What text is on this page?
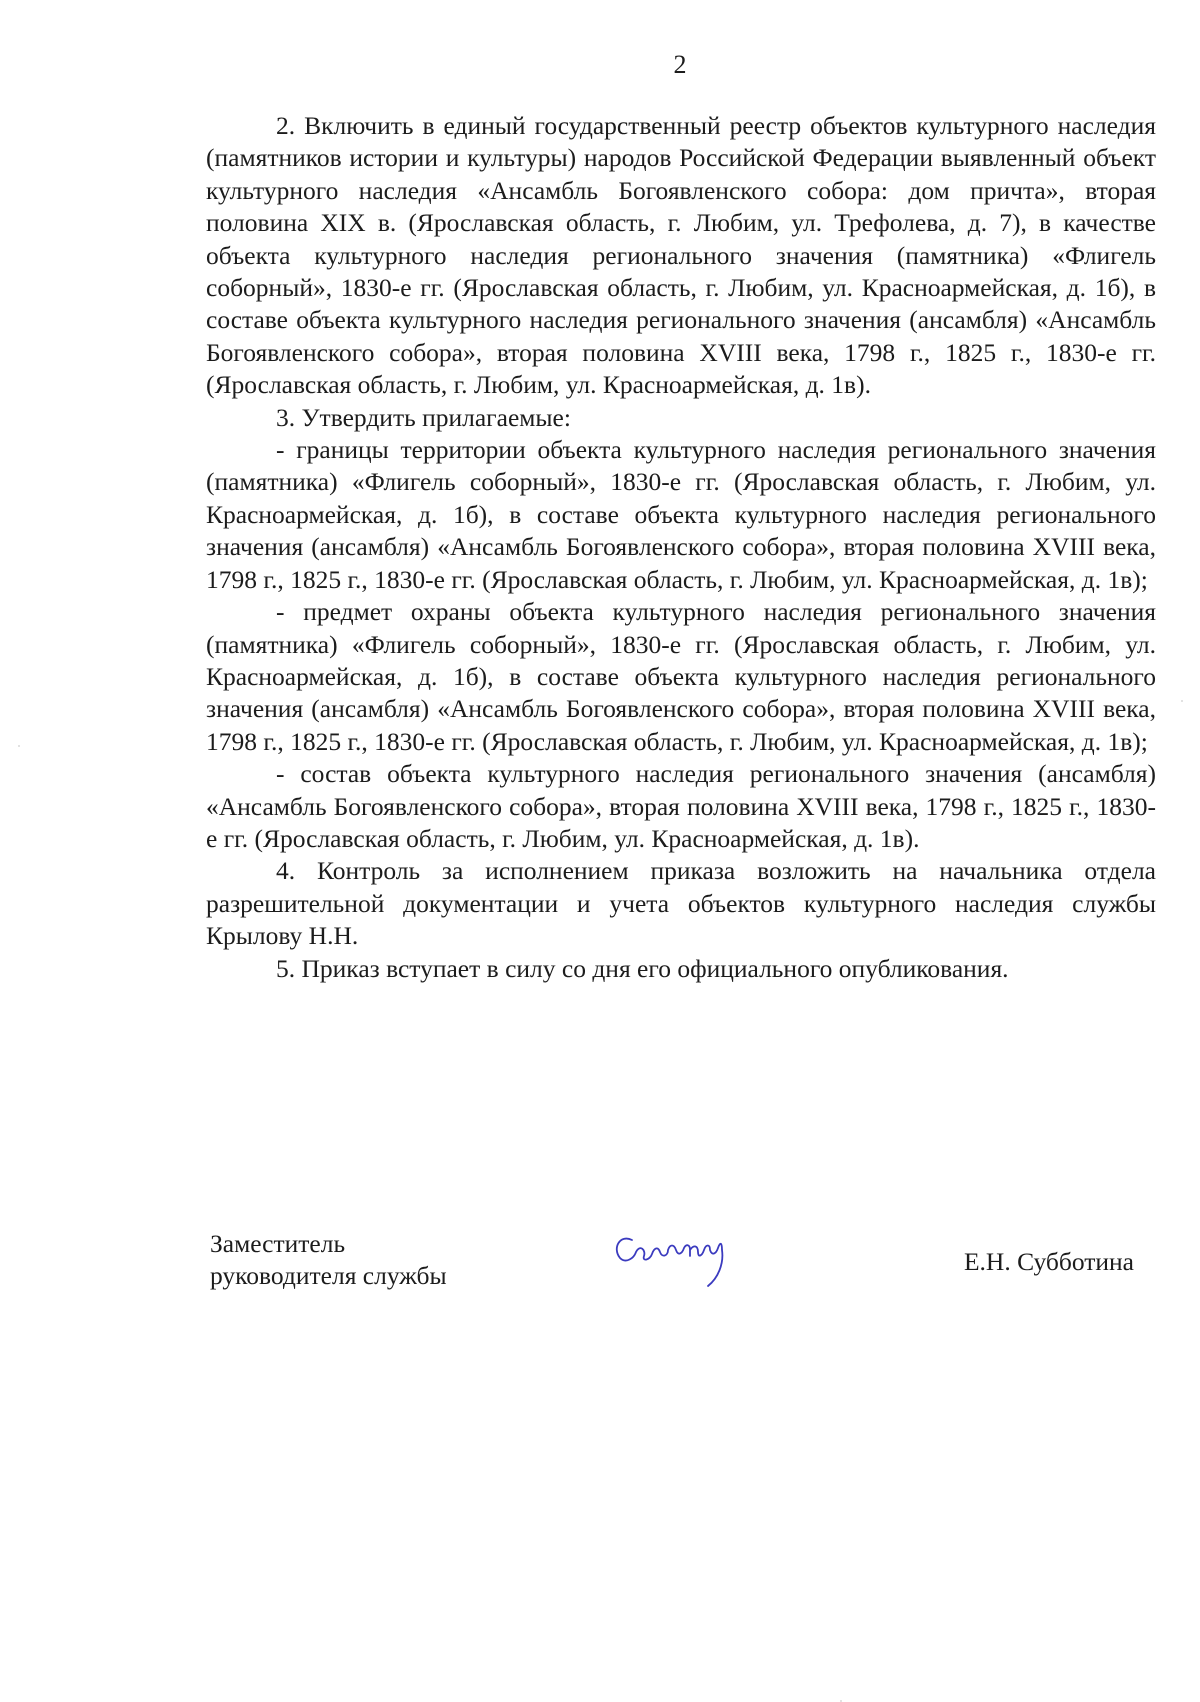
2

2. Включить в единый государственный реестр объектов культурного наследия (памятников истории и культуры) народов Российской Федерации выявленный объект культурного наследия «Ансамбль Богоявленского собора: дом причта», вторая половина XIX в. (Ярославская область, г. Любим, ул. Трефолева, д. 7), в качестве объекта культурного наследия регионального значения (памятника) «Флигель соборный», 1830-е гг. (Ярославская область, г. Любим, ул. Красноармейская, д. 1б), в составе объекта культурного наследия регионального значения (ансамбля) «Ансамбль Богоявленского собора», вторая половина XVIII века, 1798 г., 1825 г., 1830-е гг. (Ярославская область, г. Любим, ул. Красноармейская, д. 1в).

3. Утвердить прилагаемые:

- границы территории объекта культурного наследия регионального значения (памятника) «Флигель соборный», 1830-е гг. (Ярославская область, г. Любим, ул. Красноармейская, д. 1б), в составе объекта культурного наследия регионального значения (ансамбля) «Ансамбль Богоявленского собора», вторая половина XVIII века, 1798 г., 1825 г., 1830-е гг. (Ярославская область, г. Любим, ул. Красноармейская, д. 1в);

- предмет охраны объекта культурного наследия регионального значения (памятника) «Флигель соборный», 1830-е гг. (Ярославская область, г. Любим, ул. Красноармейская, д. 1б), в составе объекта культурного наследия регионального значения (ансамбля) «Ансамбль Богоявленского собора», вторая половина XVIII века, 1798 г., 1825 г., 1830-е гг. (Ярославская область, г. Любим, ул. Красноармейская, д. 1в);

- состав объекта культурного наследия регионального значения (ансамбля) «Ансамбль Богоявленского собора», вторая половина XVIII века, 1798 г., 1825 г., 1830-е гг. (Ярославская область, г. Любим, ул. Красноармейская, д. 1в).

4. Контроль за исполнением приказа возложить на начальника отдела разрешительной документации и учета объектов культурного наследия службы Крылову Н.Н.

5. Приказ вступает в силу со дня его официального опубликования.

Заместитель
руководителя службы	Е.Н. Субботина
